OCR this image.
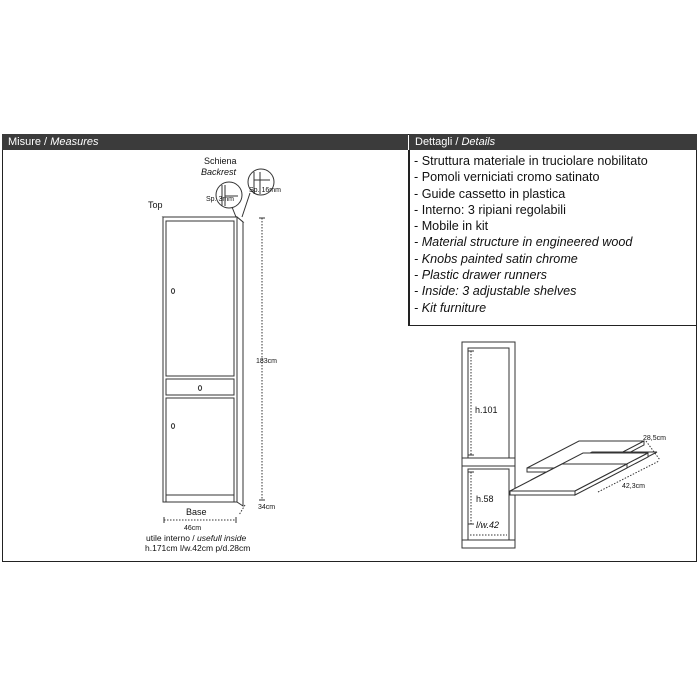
Misure / Measures	Dettagli / Details
- Struttura materiale in truciolare nobilitato
- Pomoli verniciati cromo satinato
- Guide cassetto in plastica
- Interno: 3 ripiani regolabili
- Mobile in kit
- Material structure in engineered wood
- Knobs painted satin chrome
- Plastic drawer runners
- Inside: 3 adjustable shelves
- Kit furniture
Schiena
Backrest
Sp. 3mm
Sp. 16mm
Top
183cm
34cm
Base
46cm
utile interno / usefull inside
h.171cm l/w.42cm p/d.28cm
h.101
h.58
l/w.42
28,5cm
42,3cm
